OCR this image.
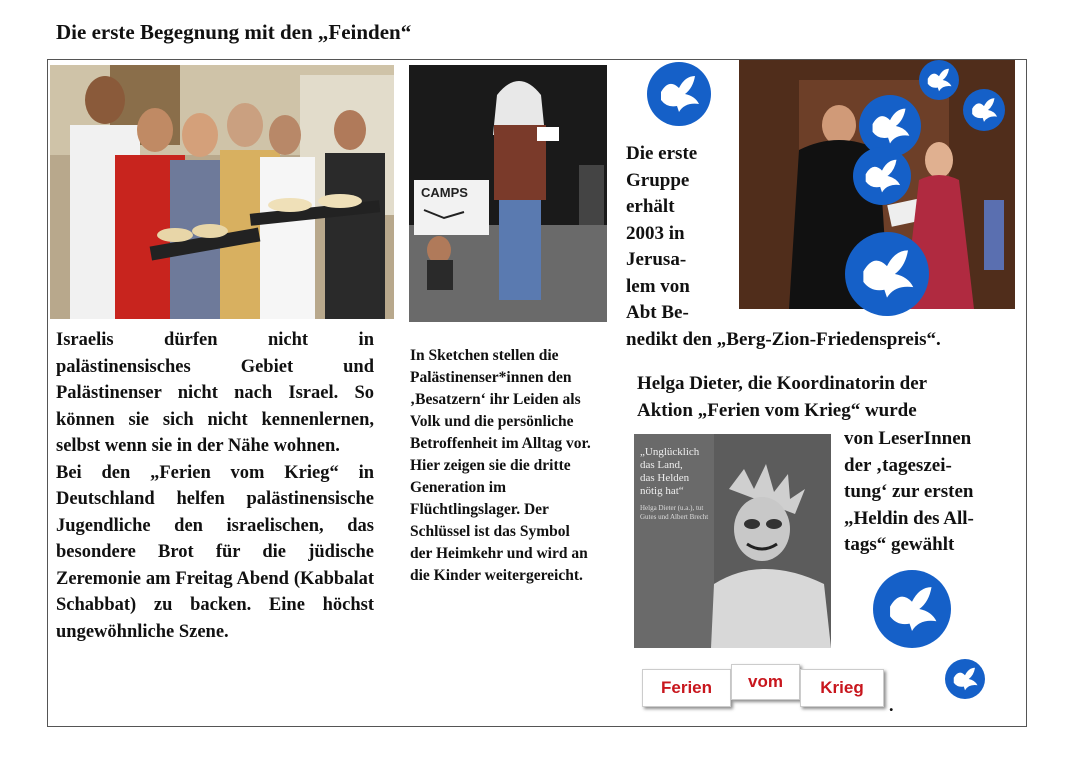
Die erste Begegnung mit den „Feinden“
CAMPS
„Unglücklich
das Land,
das Helden
nötig hat“
Helga Dieter (u.a.), tut Gutes und Albert Brecht

Israelis dürfen nicht in palästinensisches Gebiet und Palästinenser nicht nach Israel. So können sie sich nicht kennenlernen, selbst wenn sie in der Nähe wohnen.

Bei den „Ferien vom Krieg“ in Deutschland helfen palästinensische Jugendliche den israelischen, das besondere Brot für die jüdische Zeremonie am Freitag Abend (Kabbalat Schabbat) zu backen. Eine höchst ungewöhnliche Szene.

In Sketchen stellen die Palästinenser*innen den ‚Besatzern‘ ihr Leiden als Volk und die persönliche Betroffenheit im Alltag vor. Hier zeigen sie die dritte Generation im Flüchtlingslager. Der Schlüssel ist das Symbol der Heimkehr und wird an die Kinder weitergereicht.
Die erste
Gruppe
erhält
2003 in
Jerusa-
lem von
Abt Be-
nedikt den „Berg-Zion-Friedenspreis“.
Helga Dieter, die Koordinatorin der
Aktion „Ferien vom Krieg“ wurde
von LeserInnen
der ‚tageszei-
tung‘ zur ersten
„Heldin des All-
tags“ gewählt
Ferien	vom	Krieg
.
